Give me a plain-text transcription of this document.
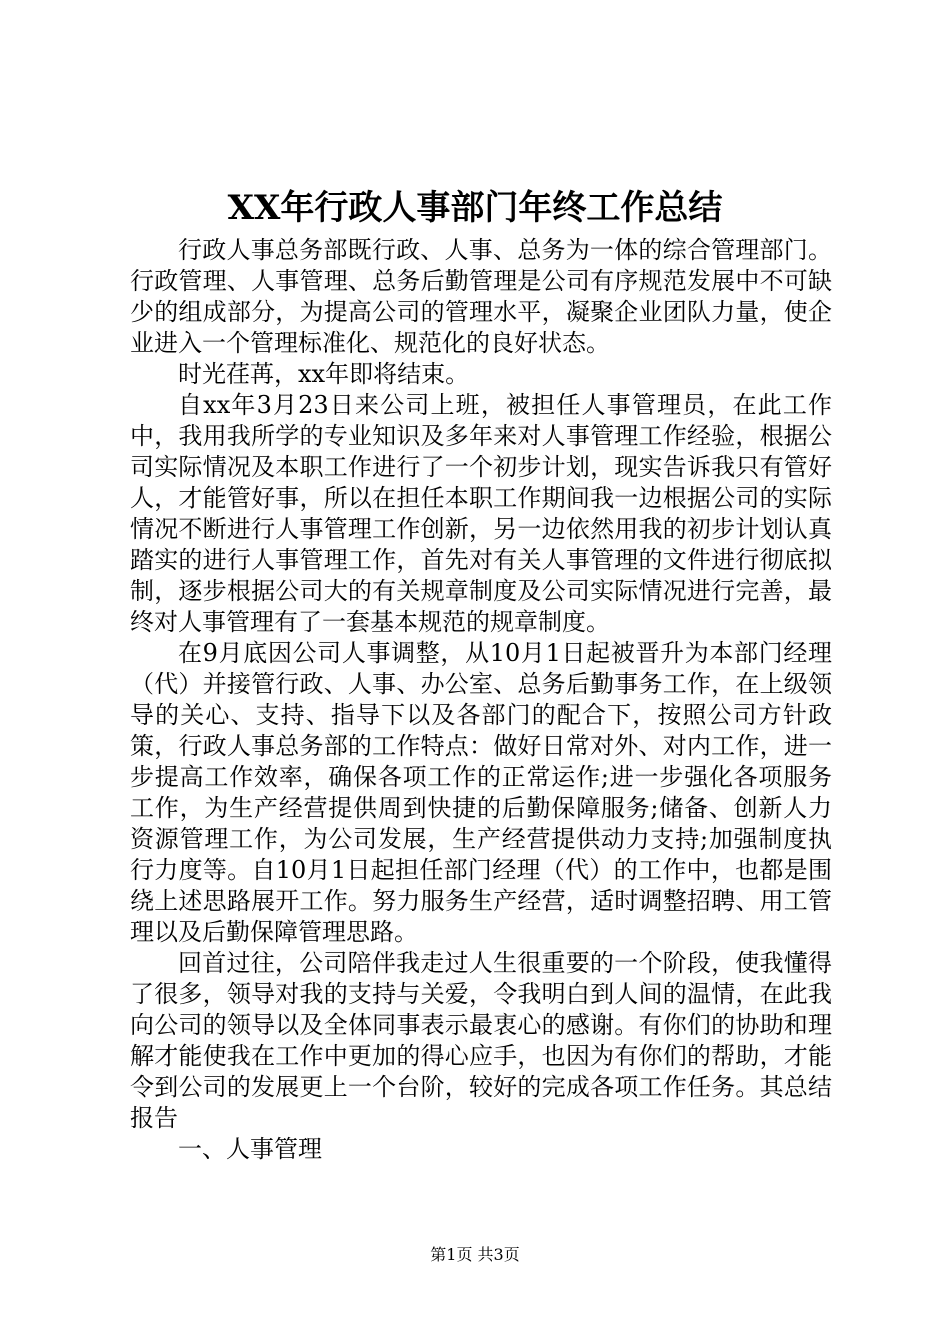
XX年行政人事部门年终工作总结

行政人事总务部既行政、人事、总务为一体的综合管理部门。行政管理、人事管理、总务后勤管理是公司有序规范发展中不可缺少的组成部分，为提高公司的管理水平，凝聚企业团队力量，使企业进入一个管理标准化、规范化的良好状态。

时光荏苒，xx年即将结束。

自xx年3月23日来公司上班，被担任人事管理员，在此工作中，我用我所学的专业知识及多年来对人事管理工作经验，根据公司实际情况及本职工作进行了一个初步计划，现实告诉我只有管好人，才能管好事，所以在担任本职工作期间我一边根据公司的实际情况不断进行人事管理工作创新，另一边依然用我的初步计划认真踏实的进行人事管理工作，首先对有关人事管理的文件进行彻底拟制，逐步根据公司大的有关规章制度及公司实际情况进行完善，最终对人事管理有了一套基本规范的规章制度。

在9月底因公司人事调整，从10月1日起被晋升为本部门经理（代）并接管行政、人事、办公室、总务后勤事务工作，在上级领导的关心、支持、指导下以及各部门的配合下，按照公司方针政策，行政人事总务部的工作特点：做好日常对外、对内工作，进一步提高工作效率，确保各项工作的正常运作;进一步强化各项服务工作，为生产经营提供周到快捷的后勤保障服务;储备、创新人力资源管理工作，为公司发展，生产经营提供动力支持;加强制度执行力度等。自10月1日起担任部门经理（代）的工作中，也都是围绕上述思路展开工作。努力服务生产经营，适时调整招聘、用工管理以及后勤保障管理思路。

回首过往，公司陪伴我走过人生很重要的一个阶段，使我懂得了很多，领导对我的支持与关爱，令我明白到人间的温情，在此我向公司的领导以及全体同事表示最衷心的感谢。有你们的协助和理解才能使我在工作中更加的得心应手，也因为有你们的帮助，才能令到公司的发展更上一个台阶，较好的完成各项工作任务。其总结报告

一、人事管理

第1页 共3页
